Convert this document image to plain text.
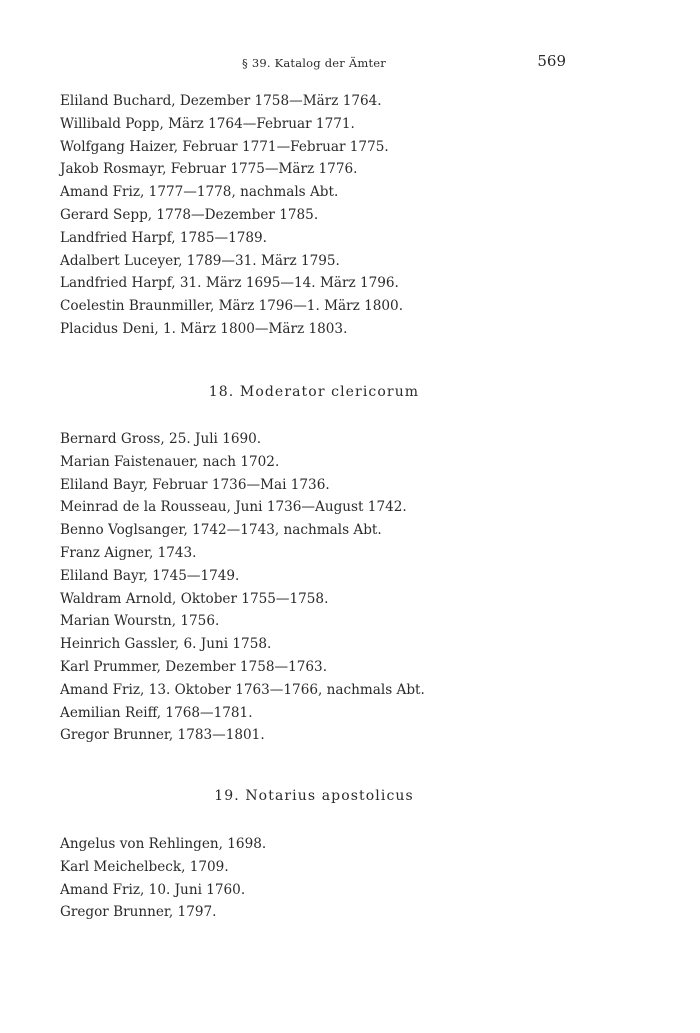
§ 39. Katalog der Ämter	569
Eliland Buchard, Dezember 1758—März 1764.
Willibald Popp, März 1764—Februar 1771.
Wolfgang Haizer, Februar 1771—Februar 1775.
Jakob Rosmayr, Februar 1775—März 1776.
Amand Friz, 1777—1778, nachmals Abt.
Gerard Sepp, 1778—Dezember 1785.
Landfried Harpf, 1785—1789.
Adalbert Luceyer, 1789—31. März 1795.
Landfried Harpf, 31. März 1695—14. März 1796.
Coelestin Braunmiller, März 1796—1. März 1800.
Placidus Deni, 1. März 1800—März 1803.
18. Moderator clericorum
Bernard Gross, 25. Juli 1690.
Marian Faistenauer, nach 1702.
Eliland Bayr, Februar 1736—Mai 1736.
Meinrad de la Rousseau, Juni 1736—August 1742.
Benno Voglsanger, 1742—1743, nachmals Abt.
Franz Aigner, 1743.
Eliland Bayr, 1745—1749.
Waldram Arnold, Oktober 1755—1758.
Marian Wourstn, 1756.
Heinrich Gassler, 6. Juni 1758.
Karl Prummer, Dezember 1758—1763.
Amand Friz, 13. Oktober 1763—1766, nachmals Abt.
Aemilian Reiff, 1768—1781.
Gregor Brunner, 1783—1801.
19. Notarius apostolicus
Angelus von Rehlingen, 1698.
Karl Meichelbeck, 1709.
Amand Friz, 10. Juni 1760.
Gregor Brunner, 1797.
